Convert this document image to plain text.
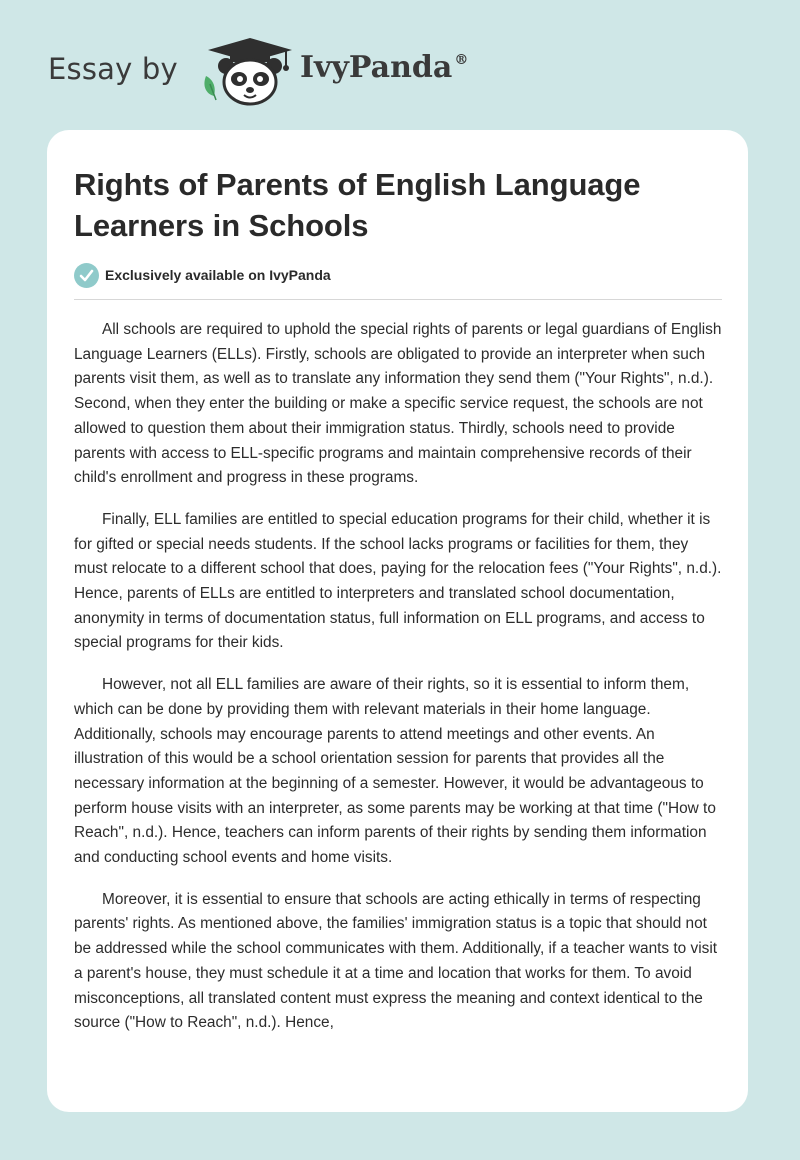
Essay by	IvyPanda ®
Rights of Parents of English Language Learners in Schools
Exclusively available on IvyPanda

All schools are required to uphold the special rights of parents or legal guardians of English Language Learners (ELLs). Firstly, schools are obligated to provide an interpreter when such parents visit them, as well as to translate any information they send them ("Your Rights", n.d.). Second, when they enter the building or make a specific service request, the schools are not allowed to question them about their immigration status. Thirdly, schools need to provide parents with access to ELL-specific programs and maintain comprehensive records of their child's enrollment and progress in these programs.

Finally, ELL families are entitled to special education programs for their child, whether it is for gifted or special needs students. If the school lacks programs or facilities for them, they must relocate to a different school that does, paying for the relocation fees ("Your Rights", n.d.). Hence, parents of ELLs are entitled to interpreters and translated school documentation, anonymity in terms of documentation status, full information on ELL programs, and access to special programs for their kids.

However, not all ELL families are aware of their rights, so it is essential to inform them, which can be done by providing them with relevant materials in their home language. Additionally, schools may encourage parents to attend meetings and other events. An illustration of this would be a school orientation session for parents that provides all the necessary information at the beginning of a semester. However, it would be advantageous to perform house visits with an interpreter, as some parents may be working at that time ("How to Reach", n.d.). Hence, teachers can inform parents of their rights by sending them information and conducting school events and home visits.

Moreover, it is essential to ensure that schools are acting ethically in terms of respecting parents' rights. As mentioned above, the families' immigration status is a topic that should not be addressed while the school communicates with them. Additionally, if a teacher wants to visit a parent's house, they must schedule it at a time and location that works for them. To avoid misconceptions, all translated content must express the meaning and context identical to the source ("How to Reach", n.d.). Hence,
